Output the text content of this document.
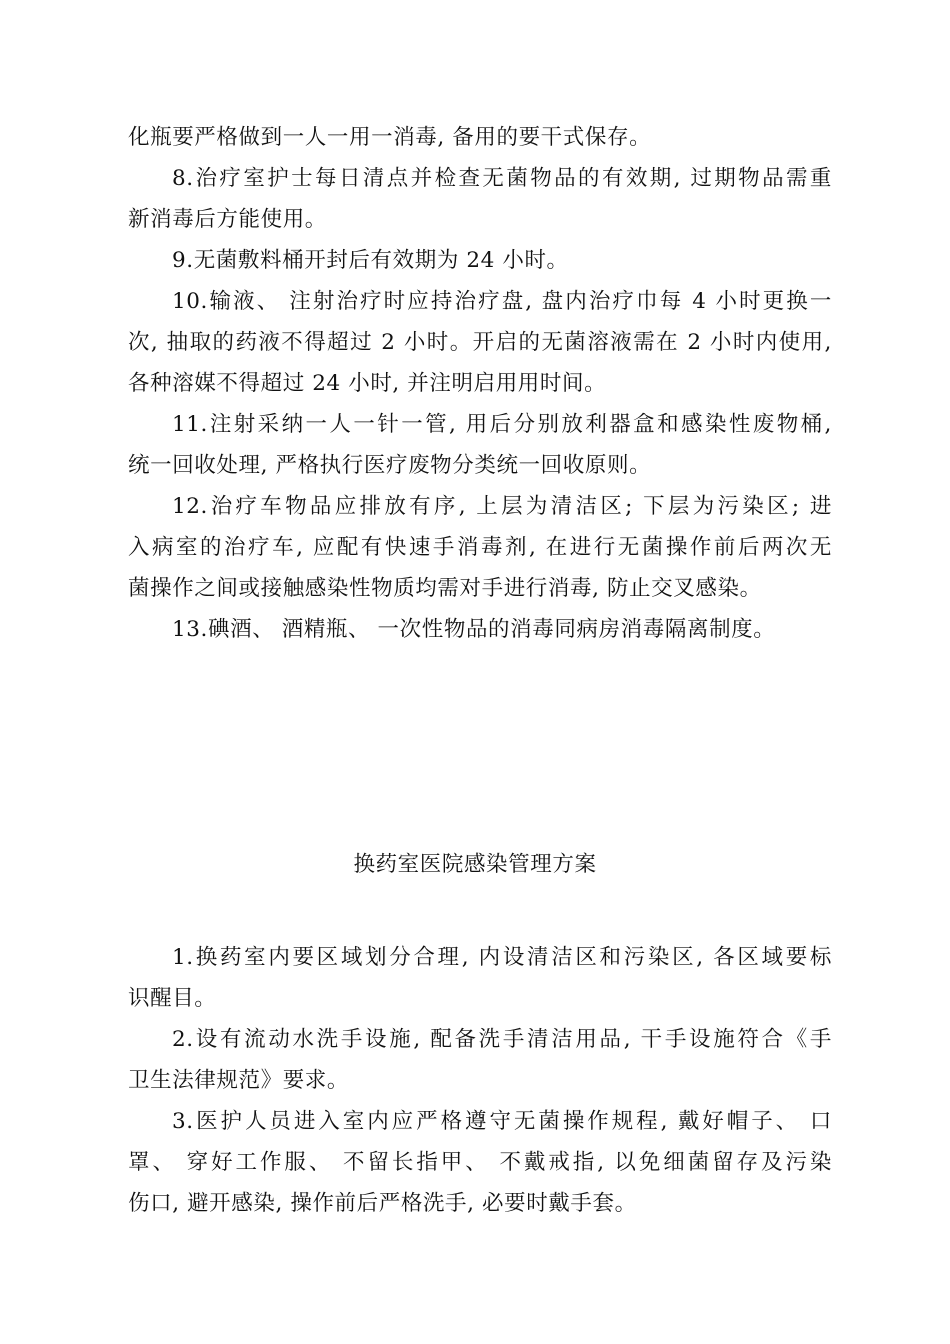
化瓶要严格做到一人一用一消毒, 备用的要干式保存。
8.治疗室护士每日清点并检查无菌物品的有效期, 过期物品需重
新消毒后方能使用。
9.无菌敷料桶开封后有效期为 24 小时。
10.输液、 注射治疗时应持治疗盘, 盘内治疗巾每 4 小时更换一
次, 抽取的药液不得超过 2 小时。开启的无菌溶液需在 2 小时内使用,
各种溶媒不得超过 24 小时, 并注明启用用时间。
11.注射采纳一人一针一管, 用后分别放利器盒和感染性废物桶,
统一回收处理, 严格执行医疗废物分类统一回收原则。
12.治疗车物品应排放有序, 上层为清洁区; 下层为污染区; 进
入病室的治疗车, 应配有快速手消毒剂, 在进行无菌操作前后两次无
菌操作之间或接触感染性物质均需对手进行消毒, 防止交叉感染。
13.碘酒、 酒精瓶、 一次性物品的消毒同病房消毒隔离制度。
换药室医院感染管理方案
1.换药室内要区域划分合理, 内设清洁区和污染区, 各区域要标
识醒目。
2.设有流动水洗手设施, 配备洗手清洁用品, 干手设施符合《手
卫生法律规范》要求。
3.医护人员进入室内应严格遵守无菌操作规程, 戴好帽子、 口
罩、 穿好工作服、 不留长指甲、 不戴戒指, 以免细菌留存及污染
伤口, 避开感染, 操作前后严格洗手, 必要时戴手套。
